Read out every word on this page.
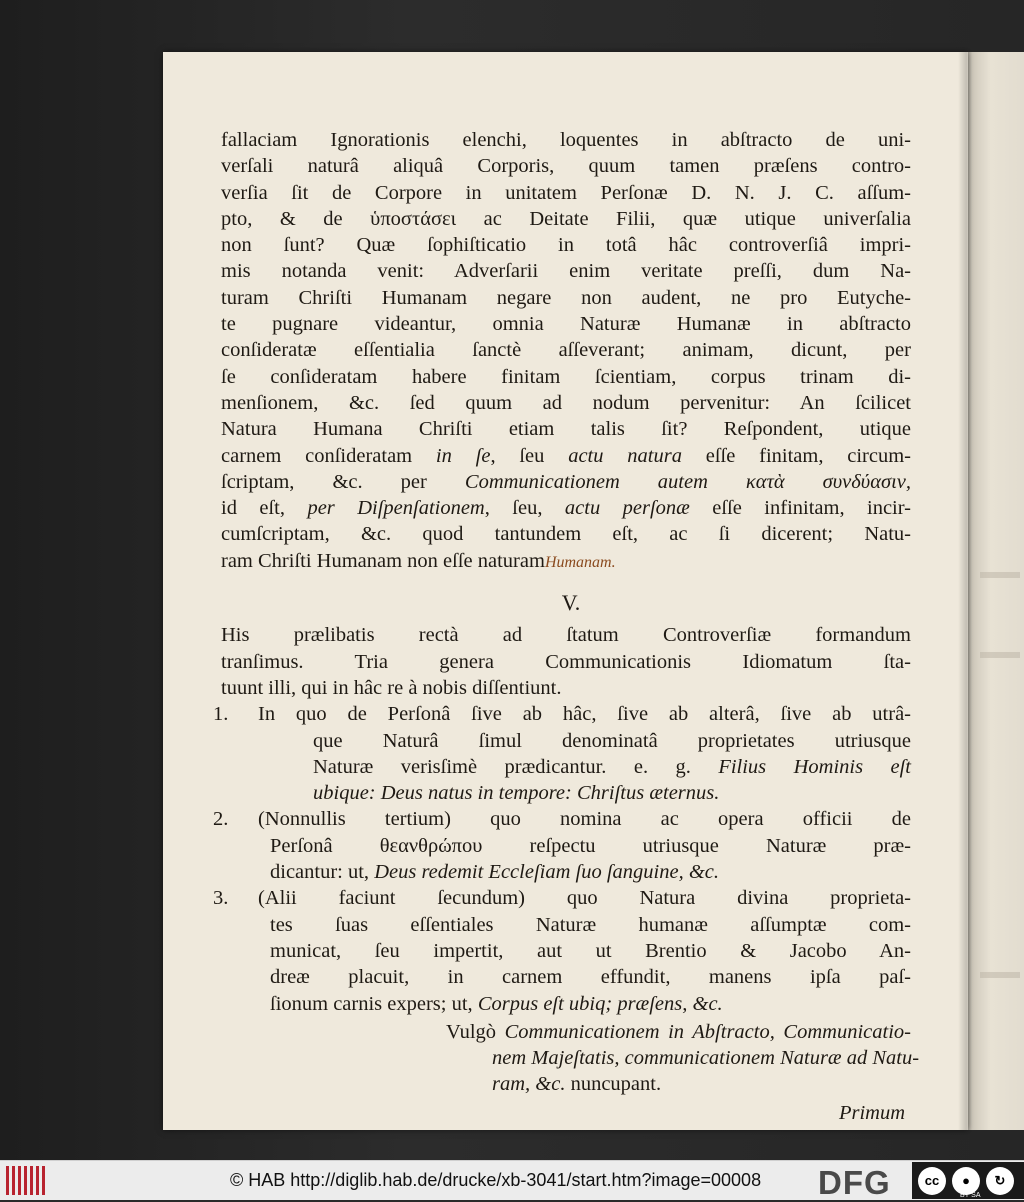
fallaciam Ignorationis elenchi, loquentes in abſtracto de uni-
verſali naturâ aliquâ Corporis, quum tamen præſens contro-
verſia ſit de Corpore in unitatem Perſonæ D. N. J. C. aſſum-
pto, & de ὑποστάσει ac Deitate Filii, quæ utique univerſalia
non ſunt? Quæ ſophiſticatio in totâ hâc controverſiâ impri-
mis notanda venit: Adverſarii enim veritate preſſi, dum Na-
turam Chriſti Humanam negare non audent, ne pro Eutyche-
te pugnare videantur, omnia Naturæ Humanæ in abſtracto
conſideratæ eſſentialia ſanctè aſſeverant; animam, dicunt, per
ſe conſideratam habere finitam ſcientiam, corpus trinam di-
menſionem, &c. ſed quum ad nodum pervenitur: An ſcilicet
Natura Humana Chriſti etiam talis ſit? Reſpondent, utique
carnem conſideratam in ſe, ſeu actu natura eſſe finitam, circum-
ſcriptam, &c. per Communicationem autem κατὰ συνδύασιν,
id eſt, per Diſpenſationem, ſeu, actu perſonæ eſſe infinitam, incir-
cumſcriptam, &c. quod tantundem eſt, ac ſi dicerent; Natu-
ram Chriſti Humanam non eſſe naturamHumanam.
V.
His prælibatis rectà ad ſtatum Controverſiæ formandum
tranſimus. Tria genera Communicationis Idiomatum ſta-
tuunt illi, qui in hâc re à nobis diſſentiunt.
1. In quo de Perſonâ ſive ab hâc, ſive ab alterâ, ſive ab utrâ-
que Naturâ ſimul denominatâ proprietates utriusque
Naturæ verisſimè prædicantur. e. g. Filius Hominis eſt
ubique: Deus natus in tempore: Chriſtus æternus.
2. (Nonnullis tertium) quo nomina ac opera officii de
Perſonâ θεανθρώπου reſpectu utriusque Naturæ præ-
dicantur: ut, Deus redemit Eccleſiam ſuo ſanguine, &c.
3. (Alii faciunt ſecundum) quo Natura divina proprieta-
tes ſuas eſſentiales Naturæ humanæ aſſumptæ com-
municat, ſeu impertit, aut ut Brentio & Jacobo An-
dreæ placuit, in carnem effundit, manens ipſa paſ-
ſionum carnis expers; ut, Corpus eſt ubiq; præſens, &c.
Vulgò Communicationem in Abſtracto, Communicatio-
nem Majeſtatis, communicationem Naturæ ad Natu-
ram, &c. nuncupant.
Primum
© HAB http://diglib.hab.de/drucke/xb-3041/start.htm?image=00008 DFG	cc	●	↻
BY SA
